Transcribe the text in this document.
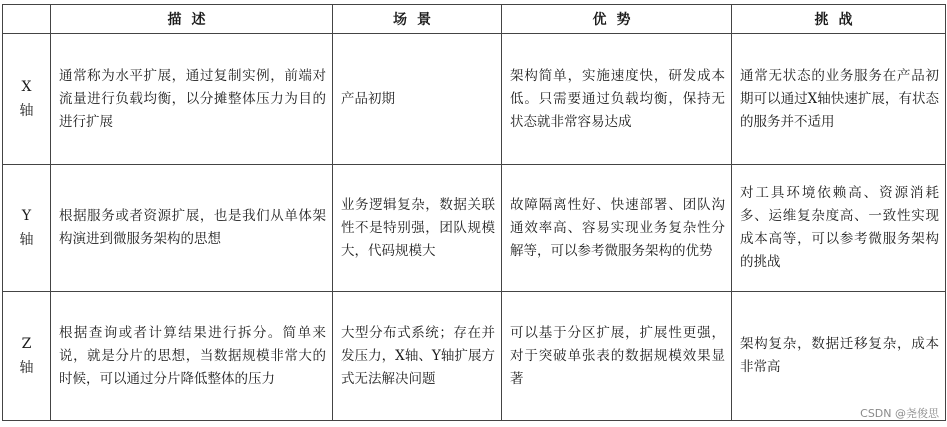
	描述	场景	优势	挑战

X
轴	通常称为水平扩展，通过复制实例，前端对流量进行负载均衡，以分摊整体压力为目的进行扩展	产品初期	架构简单，实施速度快，研发成本低。只需要通过负载均衡，保持无状态就非常容易达成	通常无状态的业务服务在产品初期可以通过X轴快速扩展，有状态的服务并不适用

Y
轴	根据服务或者资源扩展，也是我们从单体架构演进到微服务架构的思想	业务逻辑复杂，数据关联性不是特别强，团队规模大，代码规模大	故障隔离性好、快速部署、团队沟通效率高、容易实现业务复杂性分解等，可以参考微服务架构的优势	对工具环境依赖高、资源消耗多、运维复杂度高、一致性实现成本高等，可以参考微服务架构的挑战

Z
轴	根据查询或者计算结果进行拆分。简单来说，就是分片的思想，当数据规模非常大的时候，可以通过分片降低整体的压力	大型分布式系统；存在并发压力，X轴、Y轴扩展方式无法解决问题	可以基于分区扩展，扩展性更强，对于突破单张表的数据规模效果显著	架构复杂，数据迁移复杂，成本非常高
CSDN @尧俊思
